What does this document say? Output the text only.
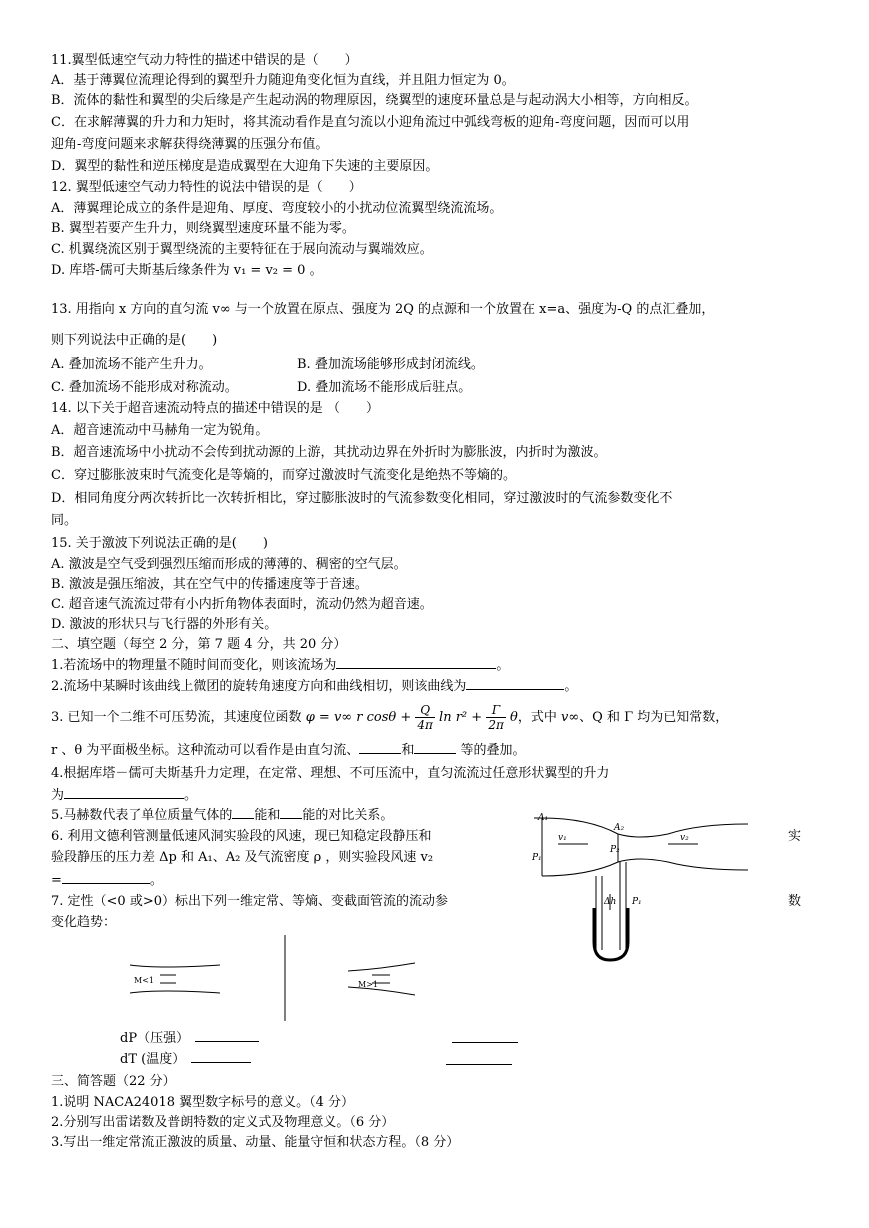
11.翼型低速空气动力特性的描述中错误的是（　　）
A．基于薄翼位流理论得到的翼型升力随迎角变化恒为直线，并且阻力恒定为 0。
B．流体的黏性和翼型的尖后缘是产生起动涡的物理原因，绕翼型的速度环量总是与起动涡大小相等，方向相反。
C．在求解薄翼的升力和力矩时，将其流动看作是直匀流以小迎角流过中弧线弯板的迎角-弯度问题，因而可以用
迎角-弯度问题来求解获得绕薄翼的压强分布值。
D．翼型的黏性和逆压梯度是造成翼型在大迎角下失速的主要原因。
12. 翼型低速空气动力特性的说法中错误的是（　　）
A．薄翼理论成立的条件是迎角、厚度、弯度较小的小扰动位流翼型绕流流场。
B. 翼型若要产生升力，则绕翼型速度环量不能为零。
C. 机翼绕流区别于翼型绕流的主要特征在于展向流动与翼端效应。
D. 库塔-儒可夫斯基后缘条件为 v₁ = v₂ = 0 。
13. 用指向 x 方向的直匀流 v∞ 与一个放置在原点、强度为 2Q 的点源和一个放置在 x=a、强度为-Q 的点汇叠加，
则下列说法中正确的是(　　)
A. 叠加流场不能产生升力。	B. 叠加流场能够形成封闭流线。
C. 叠加流场不能形成对称流动。	D. 叠加流场不能形成后驻点。
14. 以下关于超音速流动特点的描述中错误的是 （　　）
A．超音速流动中马赫角一定为锐角。
B．超音速流场中小扰动不会传到扰动源的上游，其扰动边界在外折时为膨胀波，内折时为激波。
C．穿过膨胀波束时气流变化是等熵的，而穿过激波时气流变化是绝热不等熵的。
D．相同角度分两次转折比一次转折相比，穿过膨胀波时的气流参数变化相同，穿过激波时的气流参数变化不
同。
15. 关于激波下列说法正确的是(　　)
A. 激波是空气受到强烈压缩而形成的薄薄的、稠密的空气层。
B. 激波是强压缩波，其在空气中的传播速度等于音速。
C. 超音速气流流过带有小内折角物体表面时，流动仍然为超音速。
D. 激波的形状只与飞行器的外形有关。
二、填空题（每空 2 分，第 7 题 4 分，共 20 分）
1.若流场中的物理量不随时间而变化，则该流场为	。
2.流场中某瞬时该曲线上微团的旋转角速度方向和曲线相切，则该曲线为	。
3. 已知一个二维不可压势流，其速度位函数 φ = v∞ r $\cos\theta + \frac{Q}{4\pi}$ $\ln r^2 + \frac{\Gamma}{2\pi}$ θ，式中 v∞、Q 和 Γ 均为已知常数，
r 、θ 为平面极坐标。这种流动可以看作是由直匀流、	和	等的叠加。
4.根据库塔－儒可夫斯基升力定理，在定常、理想、不可压流中，直匀流流过任意形状翼型的升力
为	。
5.马赫数代表了单位质量气体的 能和 能的对比关系。
6. 利用文德利管测量低速风洞实验段的风速，现已知稳定段静压和	实
验段静压的压力差 Δp 和 A₁、A₂ 及气流密度 ρ ，则实验段风速 v₂
=	。
7. 定性（<0 或>0）标出下列一维定常、等熵、变截面管流的流动参	数
变化趋势：
A₁
A₂
v₁	v₂
P₁
P₂
Δh P₁
M<1	M>1
dP（压强）
dT (温度）
三、简答题（22 分）
1.说明 NACA24018 翼型数字标号的意义。（4 分）
2.分别写出雷诺数及普朗特数的定义式及物理意义。（6 分）
3.写出一维定常流正激波的质量、动量、能量守恒和状态方程。（8 分）
